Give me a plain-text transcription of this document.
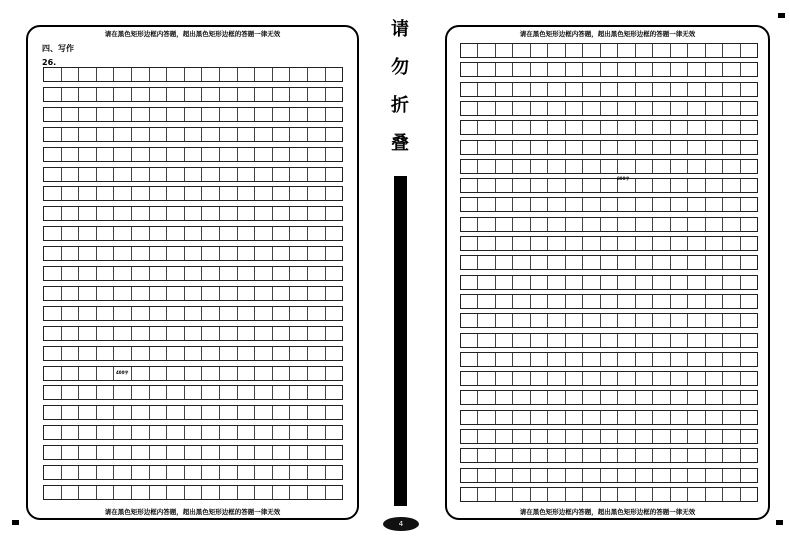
请在黑色矩形边框内答题，超出黑色矩形边框的答题一律无效
四、写作
26.
400字
请在黑色矩形边框内答题，超出黑色矩形边框的答题一律无效
请
勿
折
叠
4
请在黑色矩形边框内答题，超出黑色矩形边框的答题一律无效
800字
请在黑色矩形边框内答题，超出黑色矩形边框的答题一律无效
